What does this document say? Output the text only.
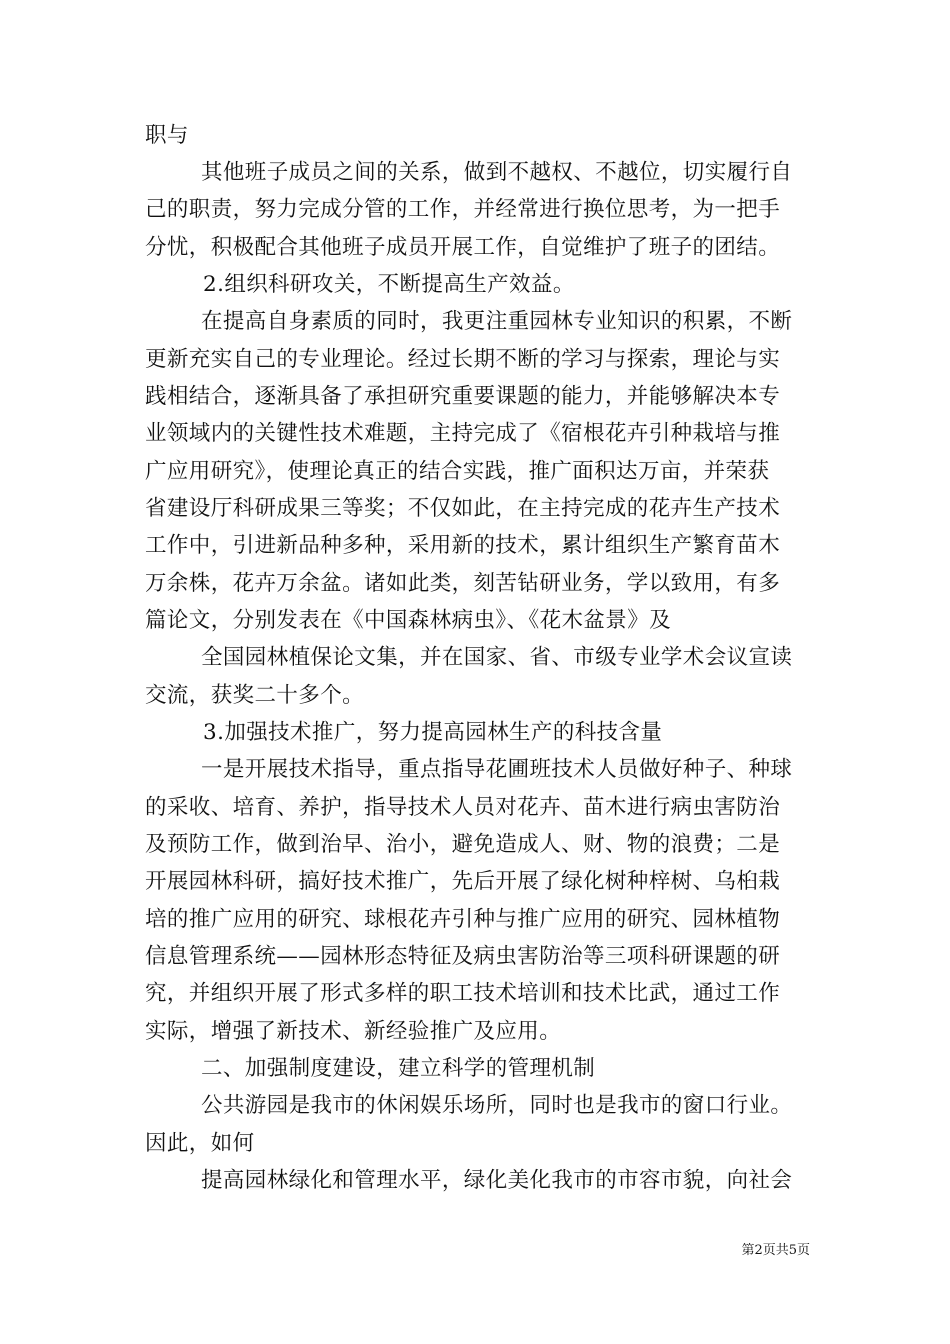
职与
其他班子成员之间的关系，做到不越权、不越位，切实履行自
己的职责，努力完成分管的工作，并经常进行换位思考，为一把手
分忧，积极配合其他班子成员开展工作，自觉维护了班子的团结。
2.组织科研攻关，不断提高生产效益。
在提高自身素质的同时，我更注重园林专业知识的积累，不断
更新充实自己的专业理论。经过长期不断的学习与探索，理论与实
践相结合，逐渐具备了承担研究重要课题的能力，并能够解决本专
业领域内的关键性技术难题，主持完成了《宿根花卉引种栽培与推
广应用研究》，使理论真正的结合实践，推广面积达万亩，并荣获
省建设厅科研成果三等奖；不仅如此，在主持完成的花卉生产技术
工作中，引进新品种多种，采用新的技术，累计组织生产繁育苗木
万余株，花卉万余盆。诸如此类，刻苦钻研业务，学以致用，有多
篇论文，分别发表在《中国森林病虫》、《花木盆景》及
全国园林植保论文集，并在国家、省、市级专业学术会议宣读
交流，获奖二十多个。
3.加强技术推广，努力提高园林生产的科技含量
一是开展技术指导，重点指导花圃班技术人员做好种子、种球
的采收、培育、养护，指导技术人员对花卉、苗木进行病虫害防治
及预防工作，做到治早、治小，避免造成人、财、物的浪费；二是
开展园林科研，搞好技术推广，先后开展了绿化树种梓树、乌桕栽
培的推广应用的研究、球根花卉引种与推广应用的研究、园林植物
信息管理系统——园林形态特征及病虫害防治等三项科研课题的研
究，并组织开展了形式多样的职工技术培训和技术比武，通过工作
实际，增强了新技术、新经验推广及应用。
二、加强制度建设，建立科学的管理机制
公共游园是我市的休闲娱乐场所，同时也是我市的窗口行业。
因此，如何
提高园林绿化和管理水平，绿化美化我市的市容市貌，向社会
第2页共5页
